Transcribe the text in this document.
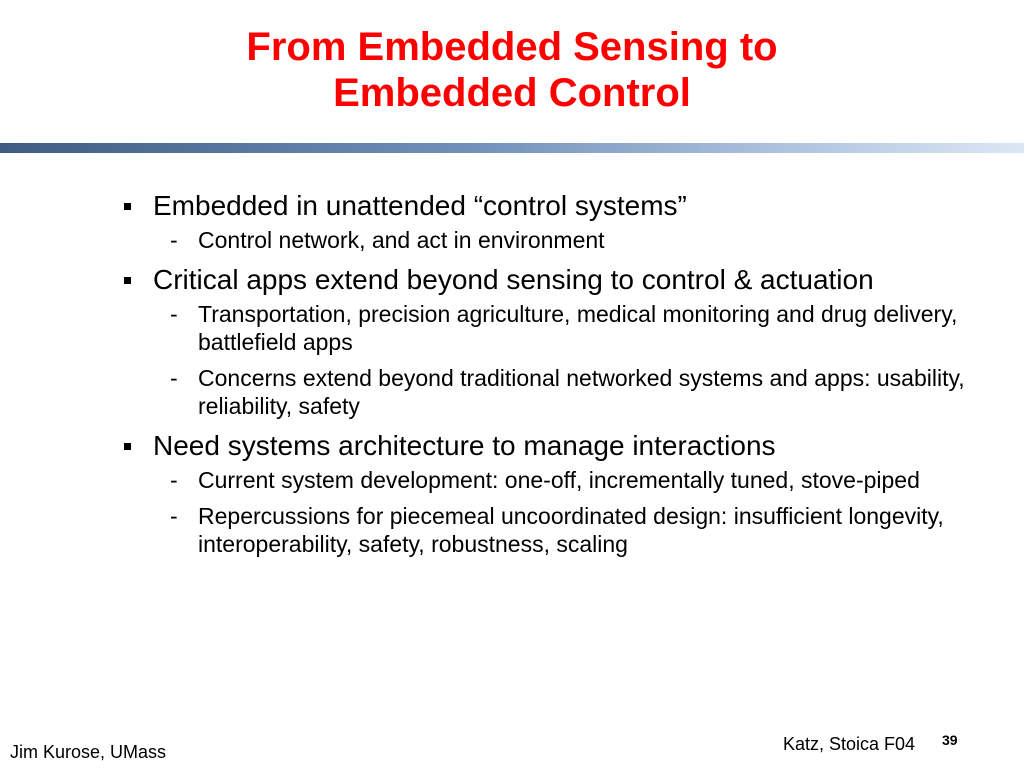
From Embedded Sensing to
Embedded Control
Embedded in unattended “control systems”
- Control network, and act in environment
Critical apps extend beyond sensing to control & actuation
- Transportation, precision agriculture, medical monitoring and drug delivery, battlefield apps
- Concerns extend beyond traditional networked systems and apps: usability, reliability, safety
Need systems architecture to manage interactions
- Current system development: one-off, incrementally tuned, stove-piped
- Repercussions for piecemeal uncoordinated design: insufficient longevity, interoperability, safety, robustness, scaling
Jim Kurose, UMass	Katz, Stoica F04 39
